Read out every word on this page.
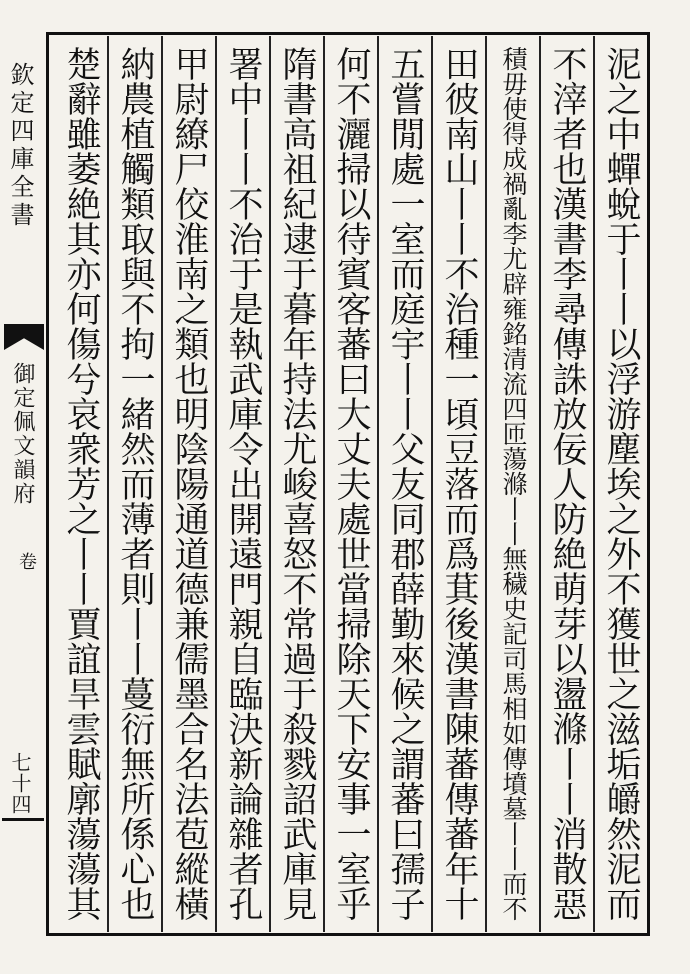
欽定四庫全書
御定佩文韻府
卷
七十四	泥之中蟬蛻于丨丨以浮游塵埃之外不獲世之滋垢皭然泥而
不滓者也漢書李尋傳誅放佞人防絶萌芽以盪滌丨丨消散惡
積毋使得成禍亂李尤辟雍銘清流四匝蕩滌丨丨無穢史記司馬相如傳墳墓丨丨而不
田彼南山丨丨不治種一頃豆落而爲萁後漢書陳蕃傳蕃年十
五嘗閒處一室而庭宇丨丨父友同郡薛勤來候之謂蕃曰孺子
何不灑掃以待賓客蕃曰大丈夫處世當掃除天下安事一室乎
隋書高祖紀逮于暮年持法尤峻喜怒不常過于殺戮詔武庫見
署中丨丨不治于是執武庫令出開遠門親自臨決新論雜者孔
甲尉繚尸佼淮南之類也明陰陽通道德兼儒墨合名法苞縱橫
納農植觸類取與不拘一緒然而薄者則丨丨蔓衍無所係心也
楚辭雖萎絶其亦何傷兮哀衆芳之丨丨賈誼旱雲賦廓蕩蕩其
